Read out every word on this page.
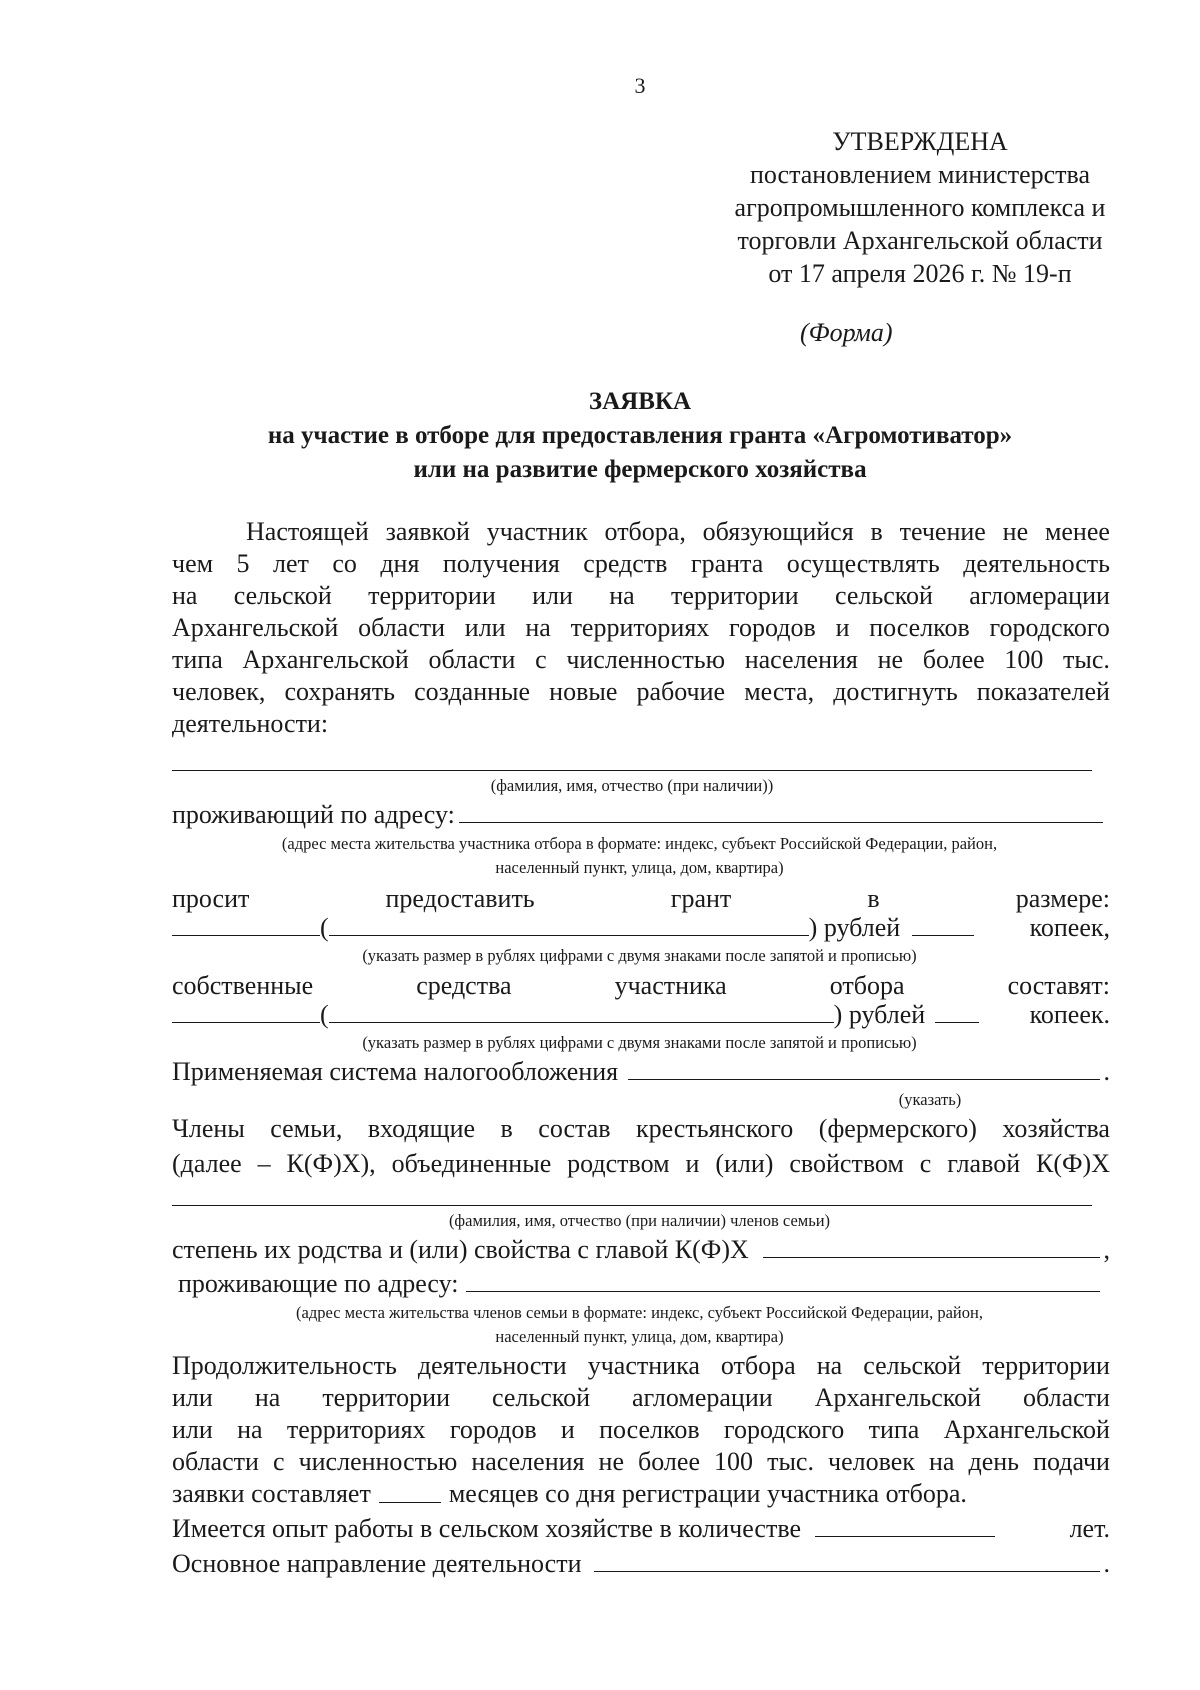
3
УТВЕРЖДЕНА
постановлением министерства
агропромышленного комплекса и
торговли Архангельской области
от 17 апреля 2026 г. № 19-п
(Форма)
ЗАЯВКА
на участие в отборе для предоставления гранта «Агромотиватор»
или на развитие фермерского хозяйства
Настоящей заявкой участник отбора, обязующийся в течение не менее
чем 5 лет со дня получения средств гранта осуществлять деятельность
на сельской территории или на территории сельской агломерации
Архангельской области или на территориях городов и поселков городского
типа Архангельской области с численностью населения не более 100 тыс.
человек, сохранять созданные новые рабочие места, достигнуть показателей
деятельности:
(фамилия, имя, отчество (при наличии))
проживающий по адресу:
(адрес места жительства участника отбора в формате: индекс, субъект Российской Федерации, район,
населенный пункт, улица, дом, квартира)
просит	предоставить	грант	в	размере:
(	) рублей	копеек,
(указать размер в рублях цифрами с двумя знаками после запятой и прописью)
собственные	средства	участника	отбора	составят:
(	) рублей	копеек.
(указать размер в рублях цифрами с двумя знаками после запятой и прописью)
Применяемая система налогообложения	.
(указать)
Члены семьи, входящие в состав крестьянского (фермерского) хозяйства
(далее – К(Ф)Х), объединенные родством и (или) свойством с главой К(Ф)Х
(фамилия, имя, отчество (при наличии) членов семьи)
степень их родства и (или) свойства с главой К(Ф)Х	,
проживающие по адресу:
(адрес места жительства членов семьи в формате: индекс, субъект Российской Федерации, район,
населенный пункт, улица, дом, квартира)
Продолжительность деятельности участника отбора на сельской территории
или на территории сельской агломерации Архангельской области
или на территориях городов и поселков городского типа Архангельской
области с численностью населения не более 100 тыс. человек на день подачи
заявки составляет	месяцев со дня регистрации участника отбора.
Имеется опыт работы в сельском хозяйстве в количестве	лет.
Основное направление деятельности	.
